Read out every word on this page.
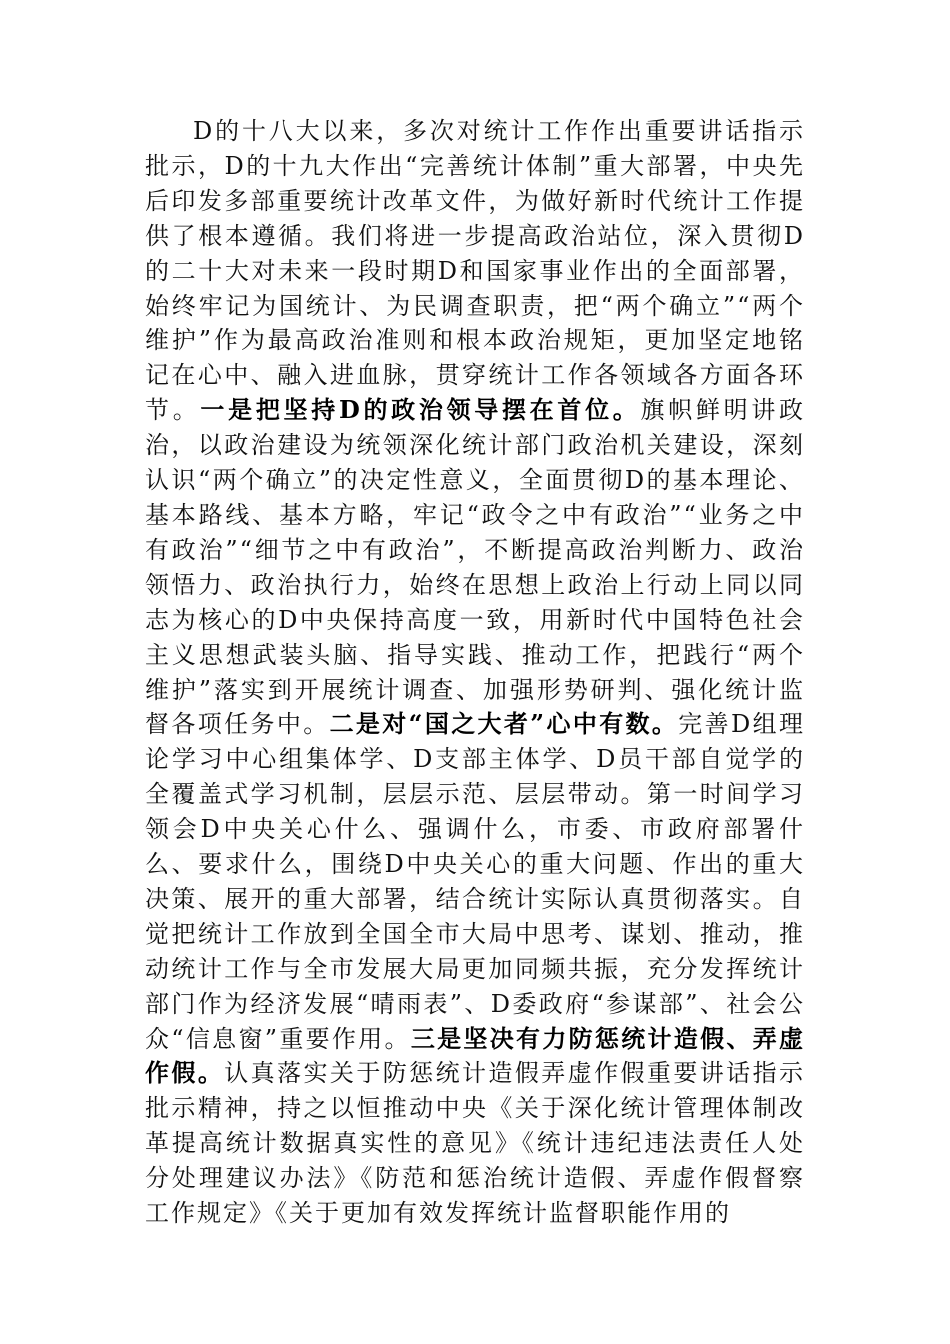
D的十八大以来，多次对统计工作作出重要讲话指示批示，D的十九大作出“完善统计体制”重大部署，中央先后印发多部重要统计改革文件，为做好新时代统计工作提供了根本遵循。我们将进一步提高政治站位，深入贯彻D的二十大对未来一段时期D和国家事业作出的全面部署，始终牢记为国统计、为民调查职责，把“两个确立”“两个维护”作为最高政治准则和根本政治规矩，更加坚定地铭记在心中、融入进血脉，贯穿统计工作各领域各方面各环节。一是把坚持D的政治领导摆在首位。旗帜鲜明讲政治，以政治建设为统领深化统计部门政治机关建设，深刻认识“两个确立”的决定性意义，全面贯彻D的基本理论、基本路线、基本方略，牢记“政令之中有政治”“业务之中有政治”“细节之中有政治”，不断提高政治判断力、政治领悟力、政治执行力，始终在思想上政治上行动上同以同志为核心的D中央保持高度一致，用新时代中国特色社会主义思想武装头脑、指导实践、推动工作，把践行“两个维护”落实到开展统计调查、加强形势研判、强化统计监督各项任务中。二是对“国之大者”心中有数。完善D组理论学习中心组集体学、D支部主体学、D员干部自觉学的全覆盖式学习机制，层层示范、层层带动。第一时间学习领会D中央关心什么、强调什么，市委、市政府部署什么、要求什么，围绕D中央关心的重大问题、作出的重大决策、展开的重大部署，结合统计实际认真贯彻落实。自觉把统计工作放到全国全市大局中思考、谋划、推动，推动统计工作与全市发展大局更加同频共振，充分发挥统计部门作为经济发展“晴雨表”、D委政府“参谋部”、社会公众“信息窗”重要作用。三是坚决有力防惩统计造假、弄虚作假。认真落实关于防惩统计造假弄虚作假重要讲话指示批示精神，持之以恒推动中央《关于深化统计管理体制改革提高统计数据真实性的意见》《统计违纪违法责任人处分处理建议办法》《防范和惩治统计造假、弄虚作假督察工作规定》《关于更加有效发挥统计监督职能作用的
